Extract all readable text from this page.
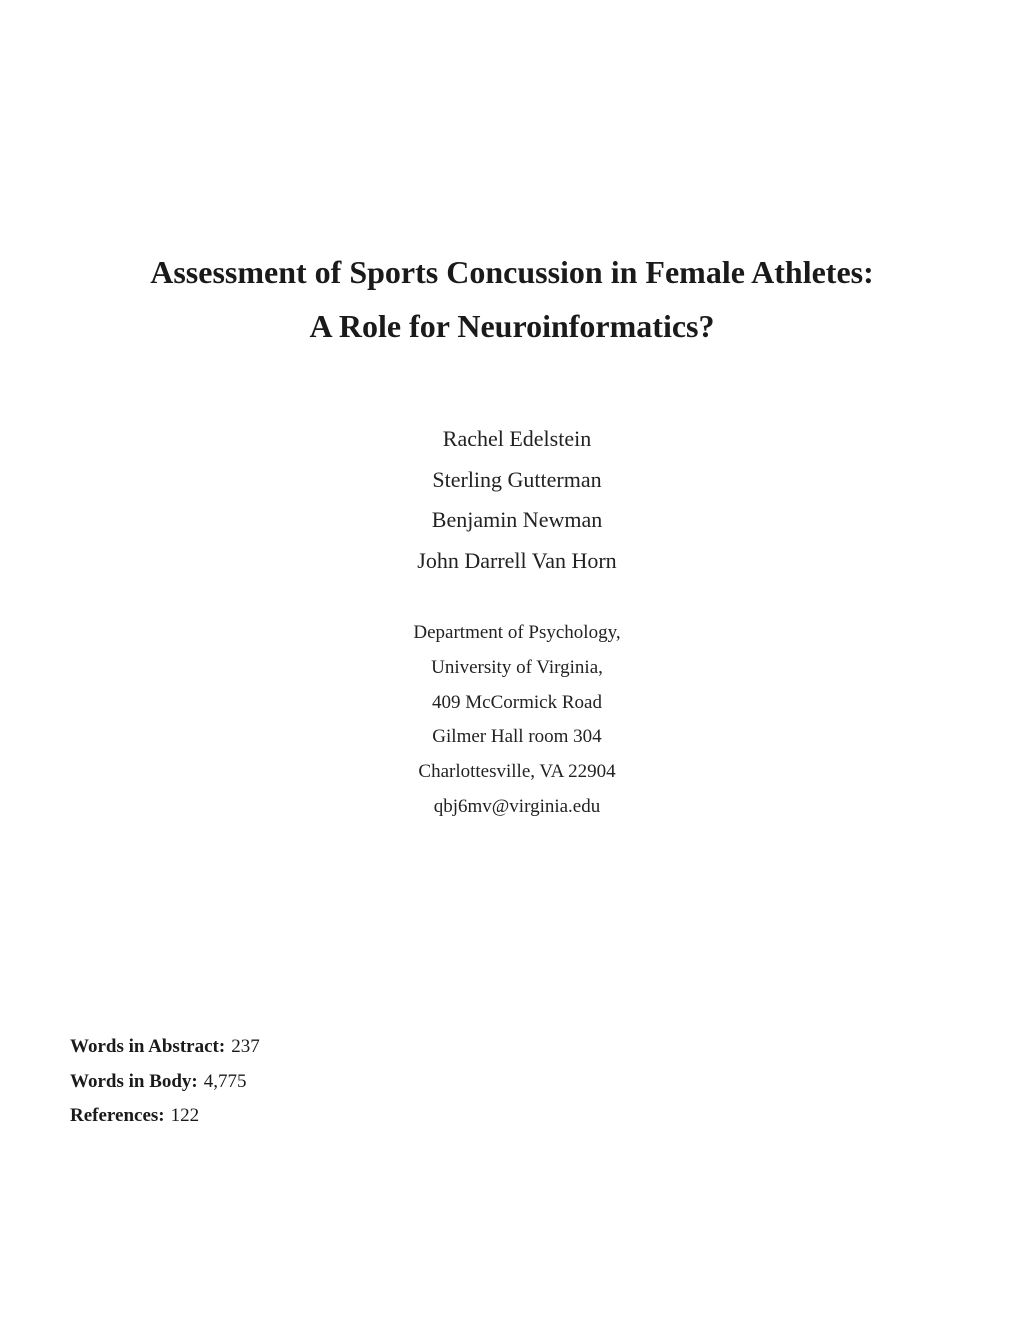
Assessment of Sports Concussion in Female Athletes:
A Role for Neuroinformatics?
Rachel Edelstein
Sterling Gutterman
Benjamin Newman
John Darrell Van Horn
Department of Psychology,
University of Virginia,
409 McCormick Road
Gilmer Hall room 304
Charlottesville, VA 22904
qbj6mv@virginia.edu
Words in Abstract: 237
Words in Body: 4,775
References: 122
